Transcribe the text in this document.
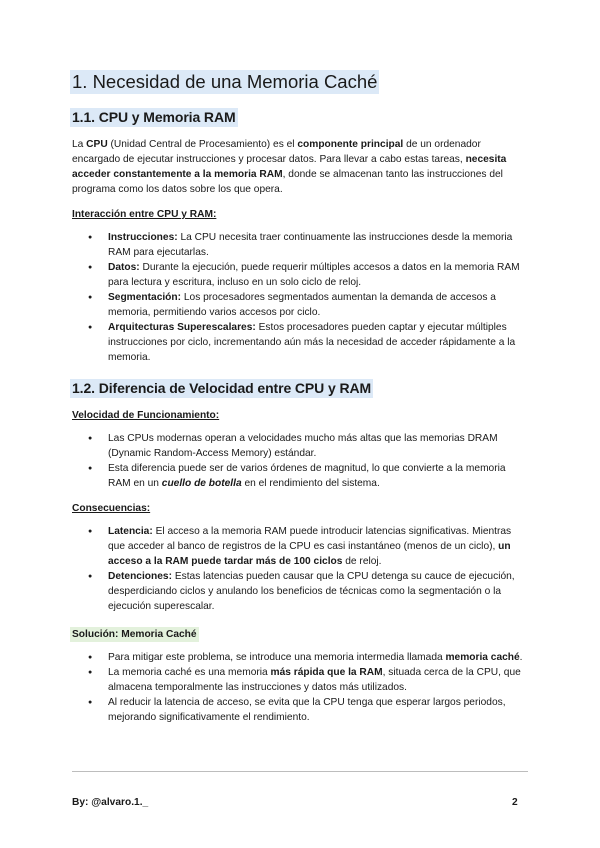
1. Necesidad de una Memoria Caché
1.1. CPU y Memoria RAM

La CPU (Unidad Central de Procesamiento) es el componente principal de un ordenador encargado de ejecutar instrucciones y procesar datos. Para llevar a cabo estas tareas, necesita acceder constantemente a la memoria RAM, donde se almacenan tanto las instrucciones del programa como los datos sobre los que opera.

Interacción entre CPU y RAM:
● Instrucciones: La CPU necesita traer continuamente las instrucciones desde la memoria RAM para ejecutarlas.
● Datos: Durante la ejecución, puede requerir múltiples accesos a datos en la memoria RAM para lectura y escritura, incluso en un solo ciclo de reloj.
● Segmentación: Los procesadores segmentados aumentan la demanda de accesos a memoria, permitiendo varios accesos por ciclo.
● Arquitecturas Superescalares: Estos procesadores pueden captar y ejecutar múltiples instrucciones por ciclo, incrementando aún más la necesidad de acceder rápidamente a la memoria.
1.2. Diferencia de Velocidad entre CPU y RAM
Velocidad de Funcionamiento:
● Las CPUs modernas operan a velocidades mucho más altas que las memorias DRAM (Dynamic Random-Access Memory) estándar.
● Esta diferencia puede ser de varios órdenes de magnitud, lo que convierte a la memoria RAM en un cuello de botella en el rendimiento del sistema.
Consecuencias:
● Latencia: El acceso a la memoria RAM puede introducir latencias significativas. Mientras que acceder al banco de registros de la CPU es casi instantáneo (menos de un ciclo), un acceso a la RAM puede tardar más de 100 ciclos de reloj.
● Detenciones: Estas latencias pueden causar que la CPU detenga su cauce de ejecución, desperdiciando ciclos y anulando los beneficios de técnicas como la segmentación o la ejecución superescalar.
Solución: Memoria Caché
● Para mitigar este problema, se introduce una memoria intermedia llamada memoria caché.
● La memoria caché es una memoria más rápida que la RAM, situada cerca de la CPU, que almacena temporalmente las instrucciones y datos más utilizados.
● Al reducir la latencia de acceso, se evita que la CPU tenga que esperar largos periodos, mejorando significativamente el rendimiento.
By: @alvaro.1._	2
